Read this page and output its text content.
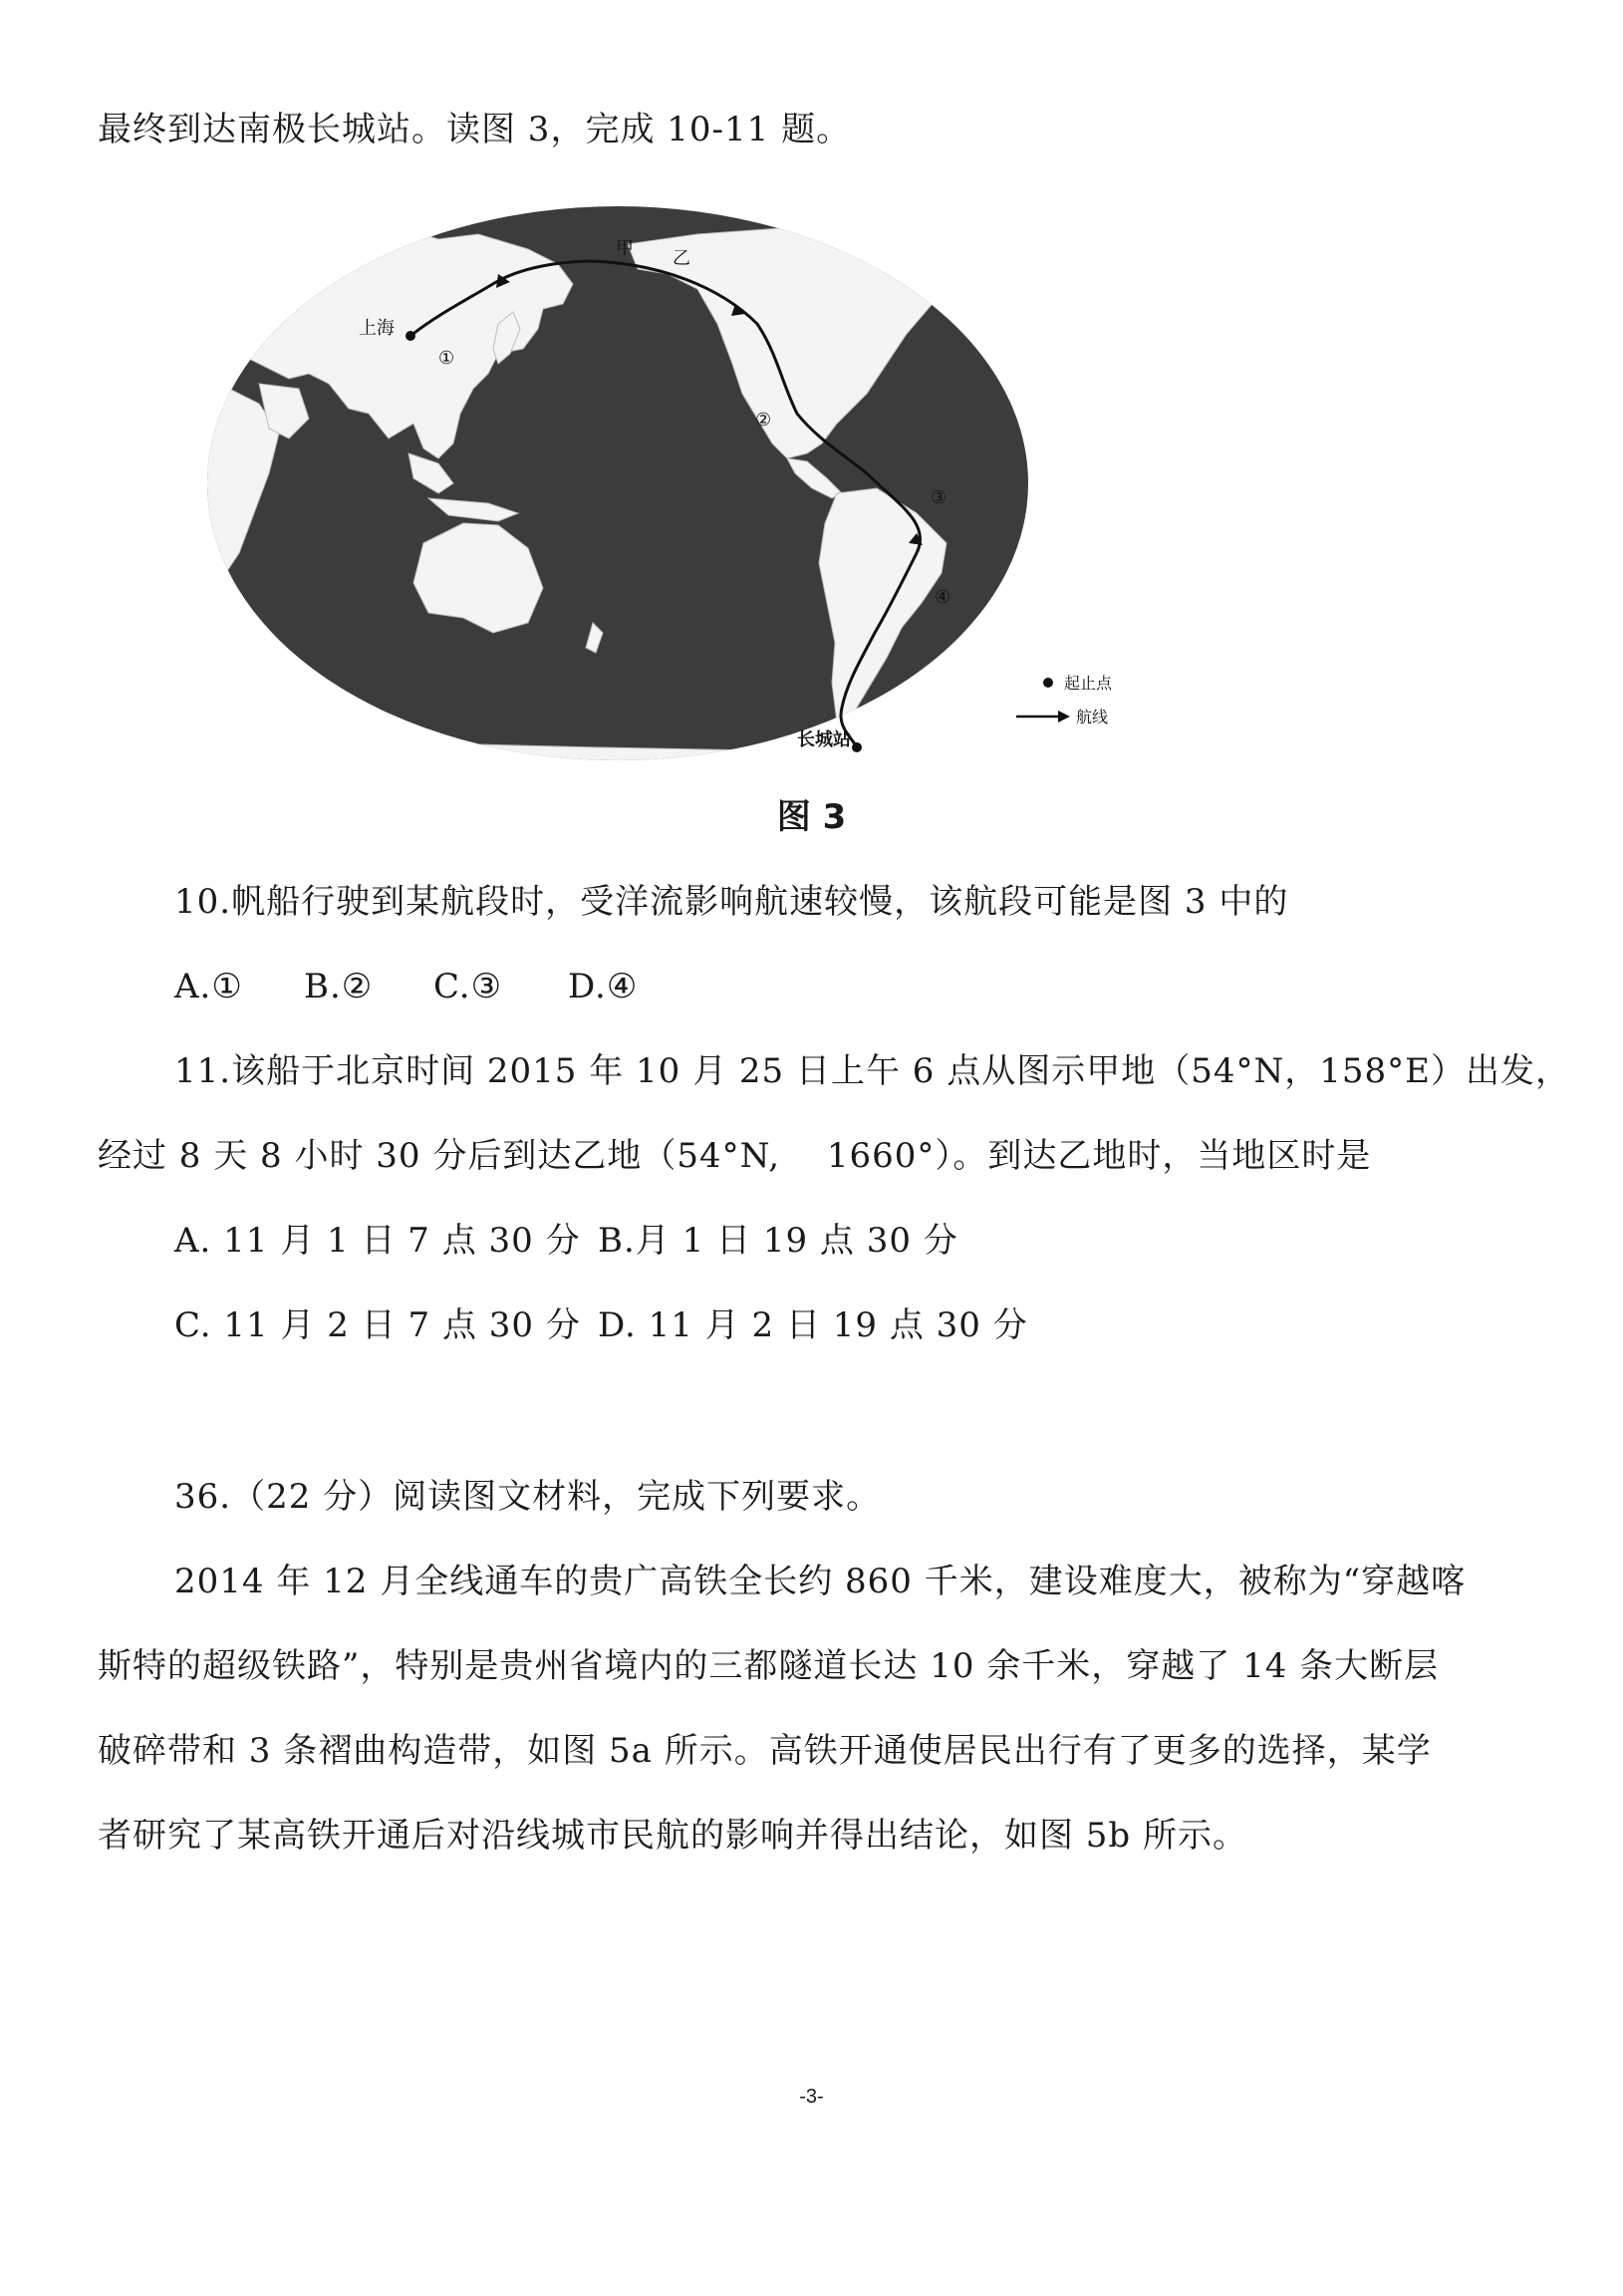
最终到达南极长城站。读图 3，完成 10-11 题。
上海
甲 乙
长城站
①
②
③
④
起止点
航线
图 3
10.帆船行驶到某航段时，受洋流影响航速较慢，该航段可能是图 3 中的
A.① B.② C.③ D.④
11.该船于北京时间 2015 年 10 月 25 日上午 6 点从图示甲地（54°N，158°E）出发，
经过 8 天 8 小时 30 分后到达乙地（54°N,　 1660°）。到达乙地时，当地区时是
A. 11 月 1 日 7 点 30 分 B.月 1 日 19 点 30 分
C. 11 月 2 日 7 点 30 分 D. 11 月 2 日 19 点 30 分
36.（22 分）阅读图文材料，完成下列要求。
2014 年 12 月全线通车的贵广高铁全长约 860 千米，建设难度大，被称为“穿越喀
斯特的超级铁路”，特别是贵州省境内的三都隧道长达 10 余千米，穿越了 14 条大断层
破碎带和 3 条褶曲构造带，如图 5a 所示。高铁开通使居民出行有了更多的选择，某学
者研究了某高铁开通后对沿线城市民航的影响并得出结论，如图 5b 所示。
-3-
